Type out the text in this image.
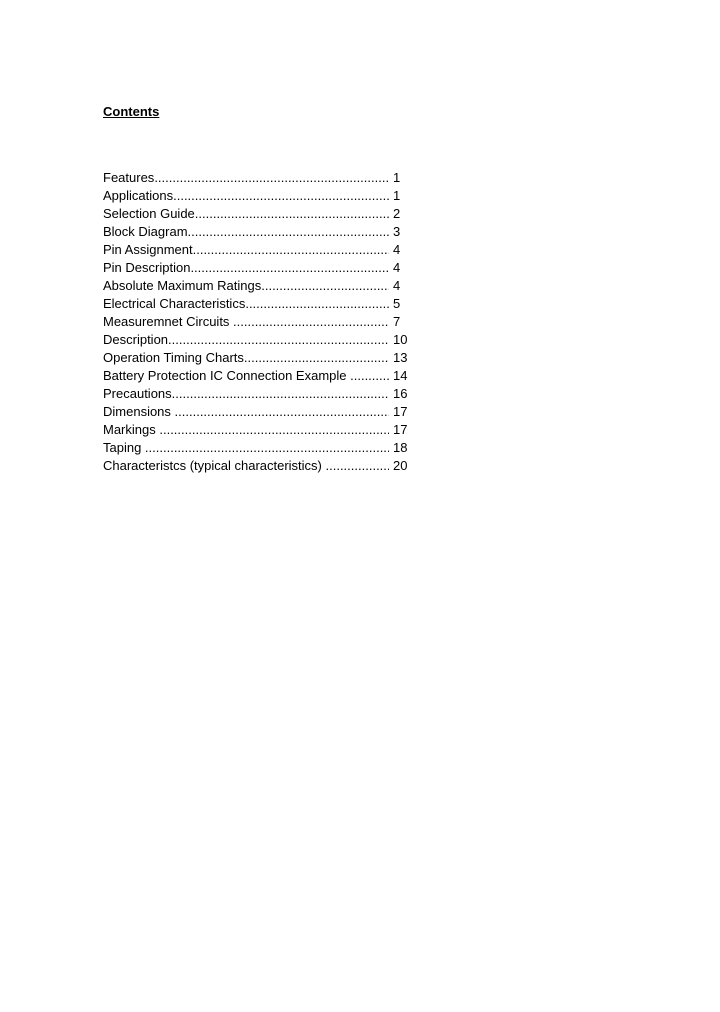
Contents
Features .....	1
Applications .....	1
Selection Guide .....	2
Block Diagram .....	3
Pin Assignment .....	4
Pin Description .....	4
Absolute Maximum Ratings .....	4
Electrical Characteristics .....	5
Measuremnet Circuits .....	7
Description .....	10
Operation Timing Charts .....	13
Battery Protection IC Connection Example .....	14
Precautions .....	16
Dimensions .....	17
Markings .....	17
Taping .....	18
Characteristcs (typical characteristics) .....	20
